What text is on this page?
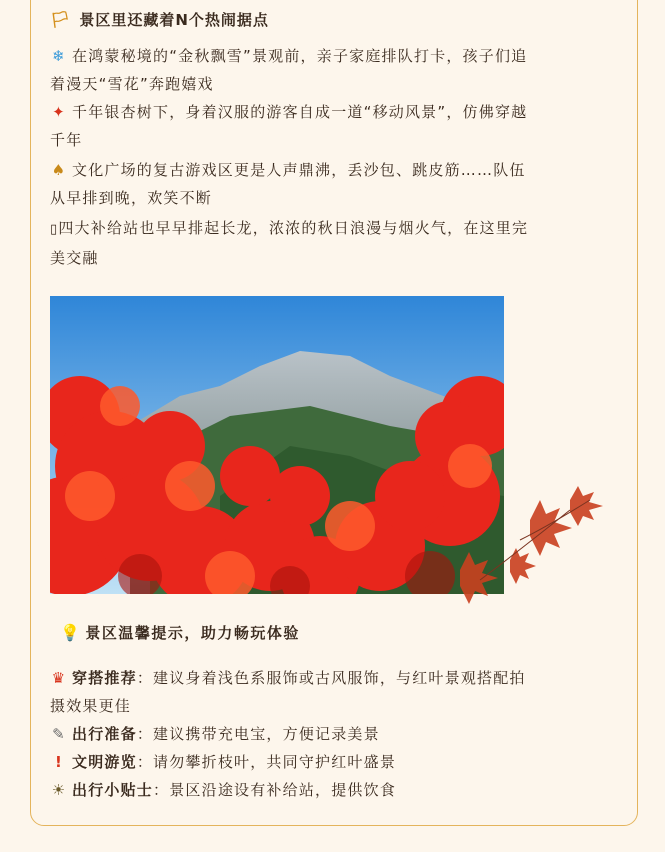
🏳 景区里还藏着N个热闹据点
❄ 在鸿蒙秘境的“金秋飘雪”景观前，亲子家庭排队打卡，孩子们追
着漫天“雪花”奔跑嬉戏
✦ 千年银杏树下，身着汉服的游客自成一道“移动风景”，仿佛穿越
千年
♠ 文化广场的复古游戏区更是人声鼎沸，丢沙包、跳皮筋……队伍
从早排到晚，欢笑不断
▯四大补给站也早早排起长龙，浓浓的秋日浪漫与烟火气，在这里完
美交融
💡 景区温馨提示，助力畅玩体验
♛ 穿搭推荐：建议身着浅色系服饰或古风服饰，与红叶景观搭配拍
摄效果更佳
✎ 出行准备：建议携带充电宝，方便记录美景
! 文明游览：请勿攀折枝叶，共同守护红叶盛景
☀ 出行小贴士：景区沿途设有补给站，提供饮食
